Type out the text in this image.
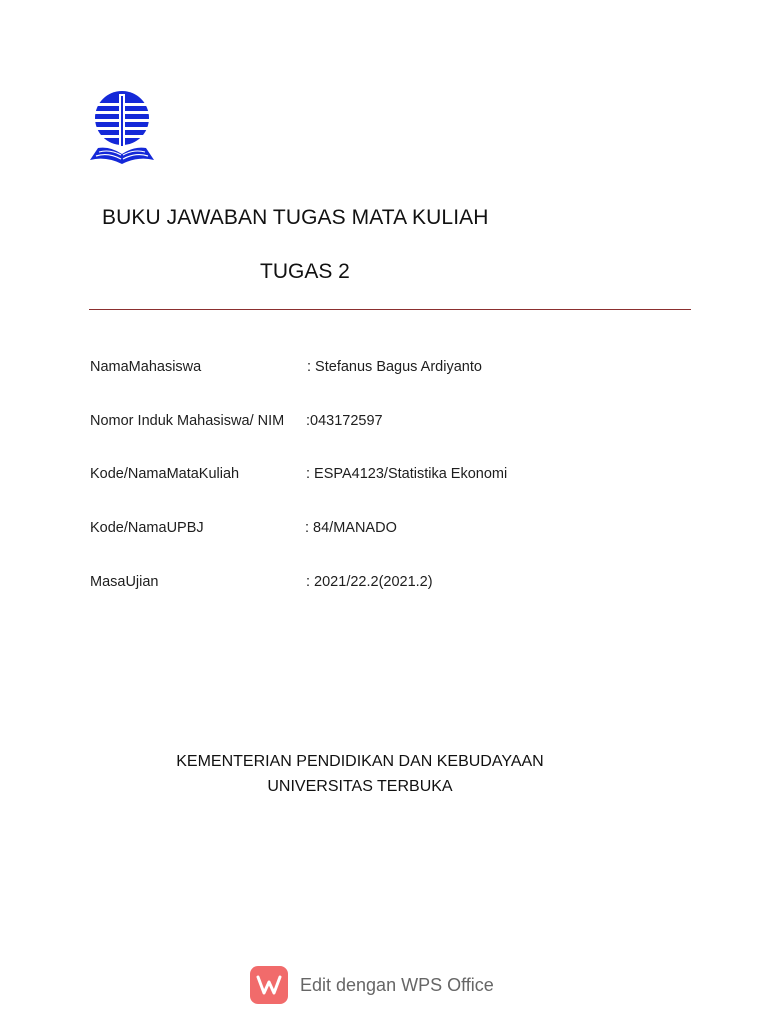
BUKU JAWABAN TUGAS MATA KULIAH
TUGAS 2
NamaMahasiswa	: Stefanus Bagus Ardiyanto
Nomor Induk Mahasiswa/ NIM :043172597
Kode/NamaMataKuliah	: ESPA4123/Statistika Ekonomi
Kode/NamaUPBJ	: 84/MANADO
MasaUjian	: 2021/22.2(2021.2)
KEMENTERIAN PENDIDIKAN DAN KEBUDAYAAN
UNIVERSITAS TERBUKA
Edit dengan WPS Office
